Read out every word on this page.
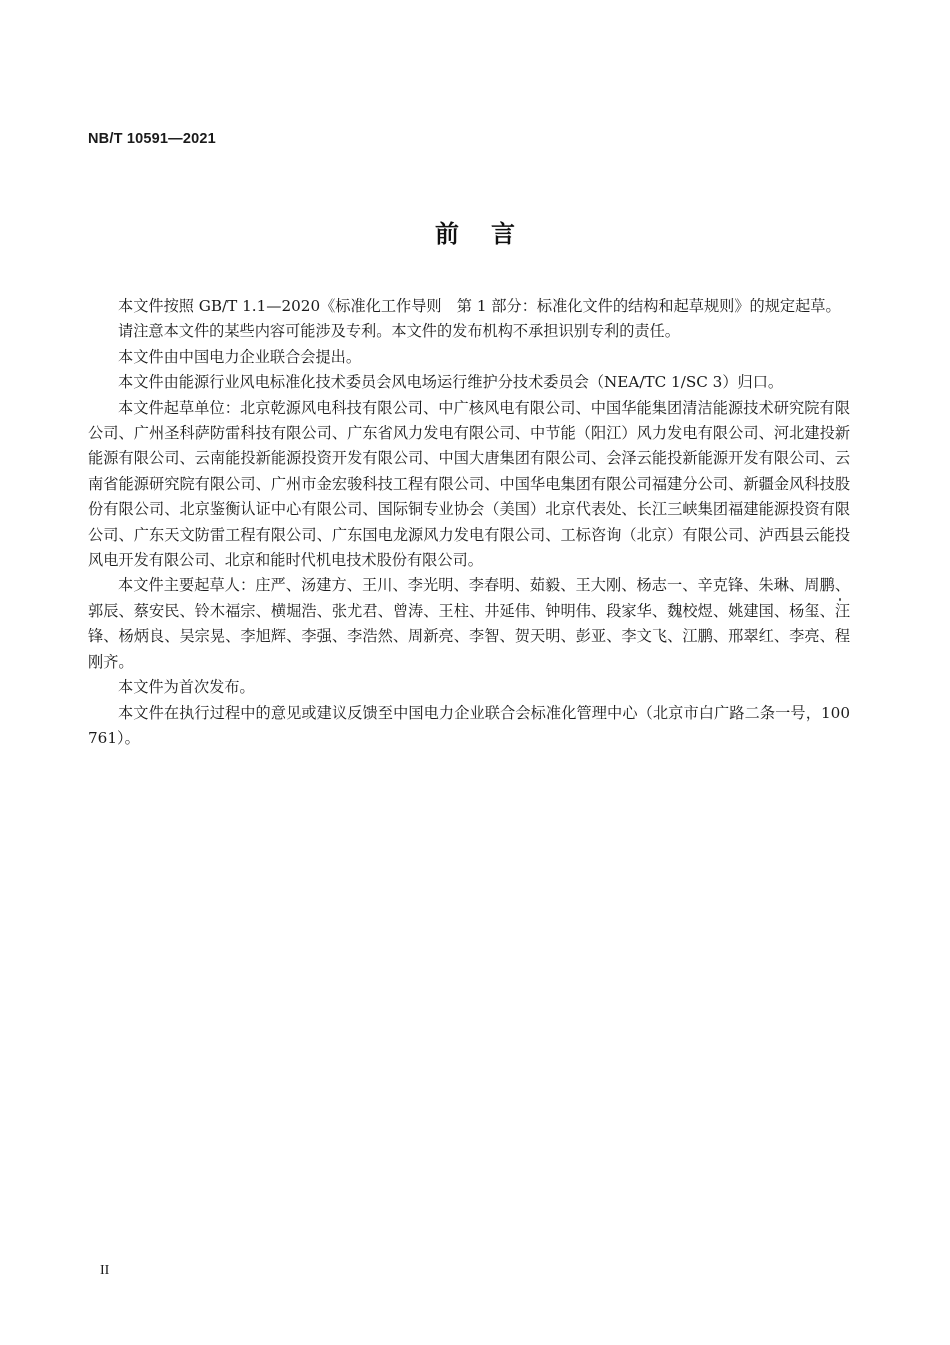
NB/T 10591—2021
前言

本文件按照 GB/T 1.1—2020《标准化工作导则　第 1 部分：标准化文件的结构和起草规则》的规定起草。

请注意本文件的某些内容可能涉及专利。本文件的发布机构不承担识别专利的责任。

本文件由中国电力企业联合会提出。

本文件由能源行业风电标准化技术委员会风电场运行维护分技术委员会（NEA/TC 1/SC 3）归口。

本文件起草单位：北京乾源风电科技有限公司、中广核风电有限公司、中国华能集团清洁能源技术研究院有限公司、广州圣科萨防雷科技有限公司、广东省风力发电有限公司、中节能（阳江）风力发电有限公司、河北建投新能源有限公司、云南能投新能源投资开发有限公司、中国大唐集团有限公司、会泽云能投新能源开发有限公司、云南省能源研究院有限公司、广州市金宏骏科技工程有限公司、中国华电集团有限公司福建分公司、新疆金风科技股份有限公司、北京鉴衡认证中心有限公司、国际铜专业协会（美国）北京代表处、长江三峡集团福建能源投资有限公司、广东天文防雷工程有限公司、广东国电龙源风力发电有限公司、工标咨询（北京）有限公司、泸西县云能投风电开发有限公司、北京和能时代机电技术股份有限公司。

本文件主要起草人：庄严、汤建方、王川、李光明、李春明、茹毅、王大刚、杨志一、辛克锋、朱琳、周鹏、郭辰、蔡安民、铃木福宗、横堀浩、张尤君、曾涛、王柱、井延伟、钟明伟、段家华、魏校煜、姚建国、杨玺、汪锋、杨炳良、吴宗晃、李旭辉、李强、李浩然、周新亮、李智、贺天明、彭亚、李文飞、江鹏、邢翠红、李亮、程刚齐。

本文件为首次发布。

本文件在执行过程中的意见或建议反馈至中国电力企业联合会标准化管理中心（北京市白广路二条一号，100761）。

II
